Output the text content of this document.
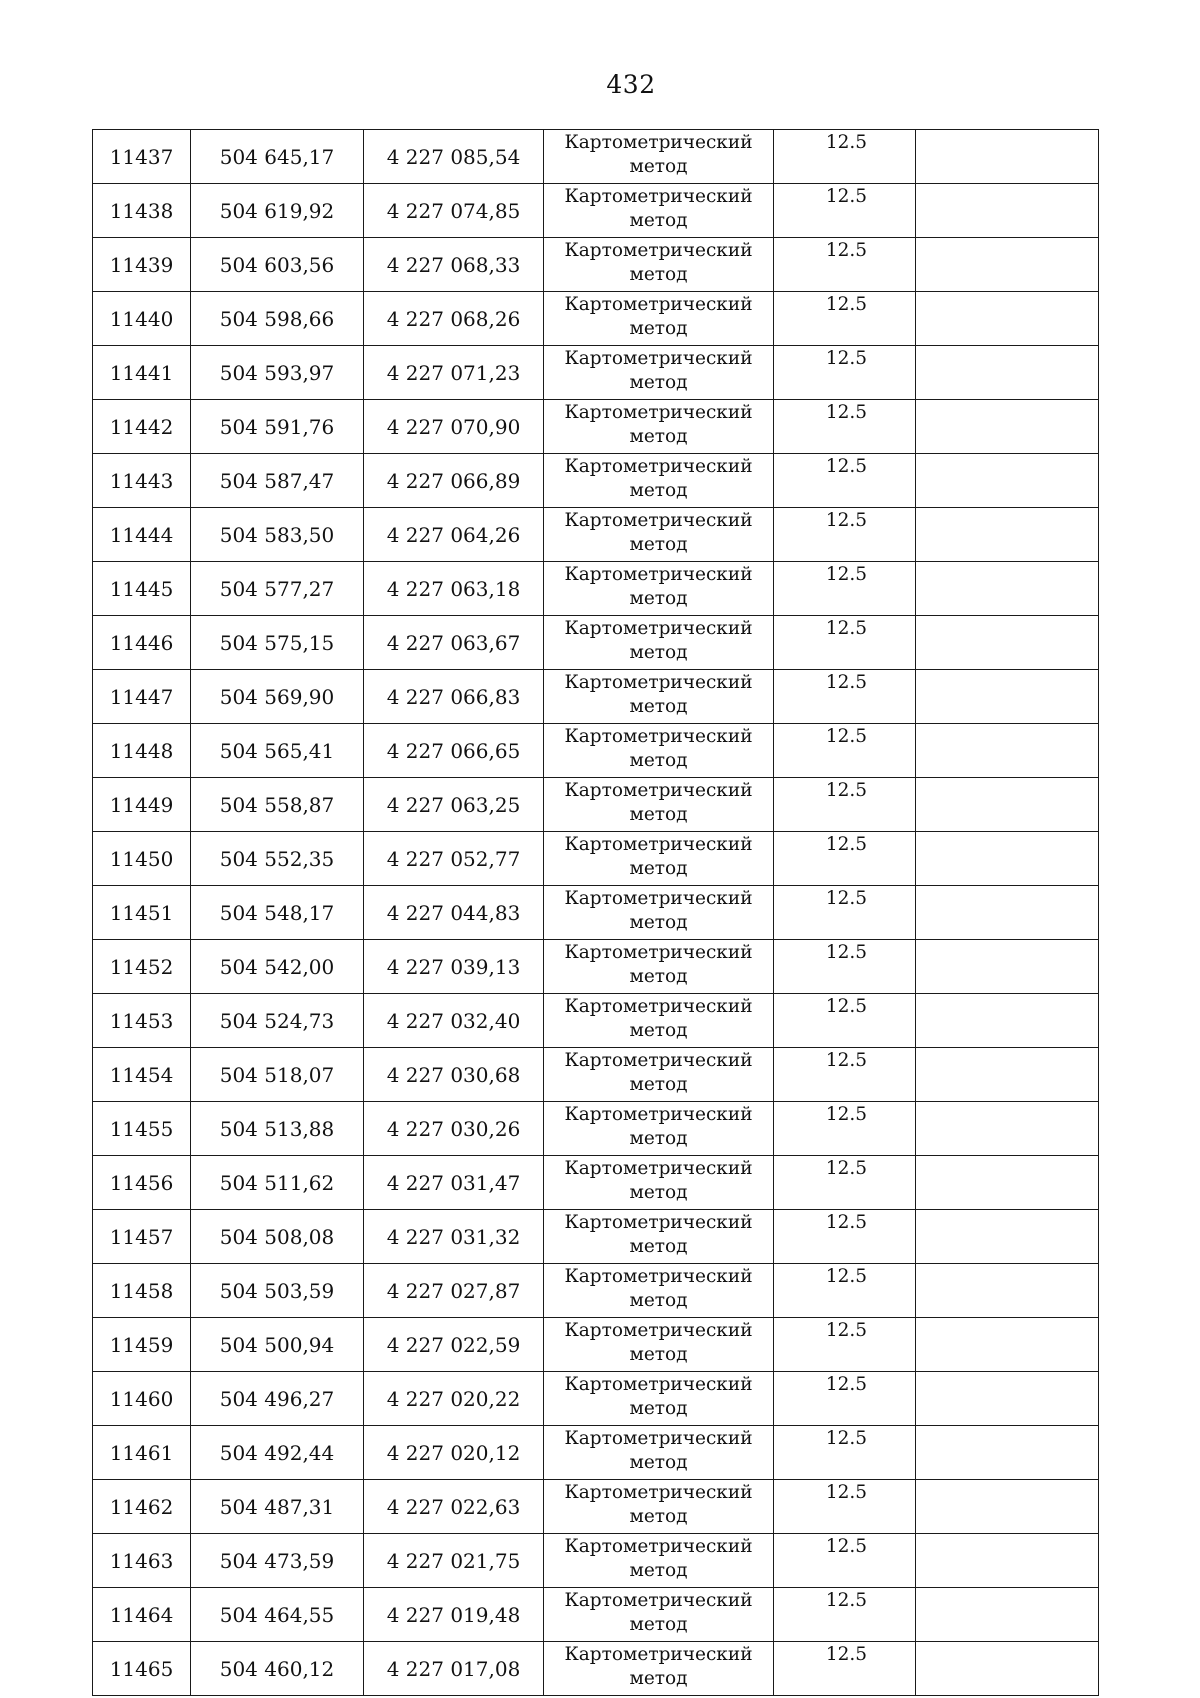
432
11437	504 645,17	4 227 085,54	Картометрический
метод	12.5	
11438	504 619,92	4 227 074,85	Картометрический
метод	12.5	
11439	504 603,56	4 227 068,33	Картометрический
метод	12.5	
11440	504 598,66	4 227 068,26	Картометрический
метод	12.5	
11441	504 593,97	4 227 071,23	Картометрический
метод	12.5	
11442	504 591,76	4 227 070,90	Картометрический
метод	12.5	
11443	504 587,47	4 227 066,89	Картометрический
метод	12.5	
11444	504 583,50	4 227 064,26	Картометрический
метод	12.5	
11445	504 577,27	4 227 063,18	Картометрический
метод	12.5	
11446	504 575,15	4 227 063,67	Картометрический
метод	12.5	
11447	504 569,90	4 227 066,83	Картометрический
метод	12.5	
11448	504 565,41	4 227 066,65	Картометрический
метод	12.5	
11449	504 558,87	4 227 063,25	Картометрический
метод	12.5	
11450	504 552,35	4 227 052,77	Картометрический
метод	12.5	
11451	504 548,17	4 227 044,83	Картометрический
метод	12.5	
11452	504 542,00	4 227 039,13	Картометрический
метод	12.5	
11453	504 524,73	4 227 032,40	Картометрический
метод	12.5	
11454	504 518,07	4 227 030,68	Картометрический
метод	12.5	
11455	504 513,88	4 227 030,26	Картометрический
метод	12.5	
11456	504 511,62	4 227 031,47	Картометрический
метод	12.5	
11457	504 508,08	4 227 031,32	Картометрический
метод	12.5	
11458	504 503,59	4 227 027,87	Картометрический
метод	12.5	
11459	504 500,94	4 227 022,59	Картометрический
метод	12.5	
11460	504 496,27	4 227 020,22	Картометрический
метод	12.5	
11461	504 492,44	4 227 020,12	Картометрический
метод	12.5	
11462	504 487,31	4 227 022,63	Картометрический
метод	12.5	
11463	504 473,59	4 227 021,75	Картометрический
метод	12.5	
11464	504 464,55	4 227 019,48	Картометрический
метод	12.5	
11465	504 460,12	4 227 017,08	Картометрический
метод	12.5	
